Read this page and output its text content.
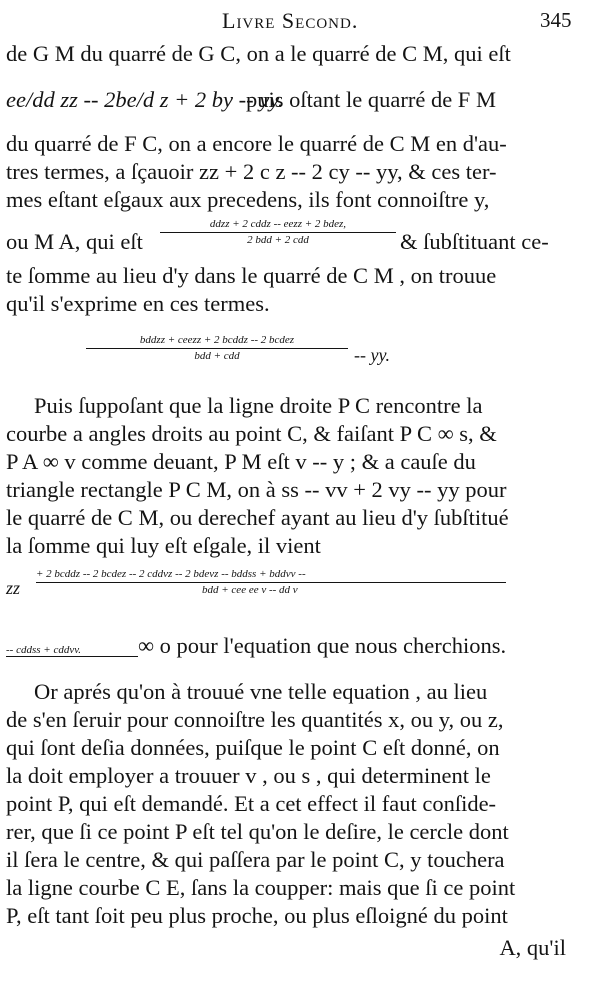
Livre Second.	345
de G M du quarré de G C, on a le quarré de C M, qui eſt
ee/dd zz -- 2be/d z + 2 by -- yy.puis oſtant le quarré de F M
du quarré de F C, on a encore le quarré de C M en d'au-
tres termes, a ſçauoir zz + 2 c z -- 2 cy -- yy, & ces ter-
mes eſtant eſgaux aux precedens, ils font connoiſtre y,
ou M A, qui eſt
ddzz + 2 cddz -- eezz + 2 bdez,
2 bdd + 2 cdd	& ſubſtituant ce-
te ſomme au lieu d'y dans le quarré de C M , on trouue
qu'il s'exprime en ces termes.
bddzz + ceezz + 2 bcddz -- 2 bcdez
bdd + cdd	-- yy.
Puis ſuppoſant que la ligne droite P C rencontre la
courbe a angles droits au point C, & faiſant P C ∞ s, &
P A ∞ v comme deuant, P M eſt v -- y ; & a cauſe du
triangle rectangle P C M, on à ss -- vv + 2 vy -- yy pour
le quarré de C M, ou derechef ayant au lieu d'y ſubſtitué
la ſomme qui luy eſt eſgale, il vient
zz
+ 2 bcddz -- 2 bcdez -- 2 cddvz -- 2 bdevz -- bddss + bddvv --
bdd + cee ee v -- dd v
-- cddss + cddvv.	∞ o pour l'equation que nous cherchions.
Or aprés qu'on à trouué vne telle equation , au lieu
de s'en ſeruir pour connoiſtre les quantités x, ou y, ou z,
qui ſont deſia données, puiſque le point C eſt donné, on
la doit employer a trouuer v , ou s , qui determinent le
point P, qui eſt demandé. Et a cet effect il faut conſide-
rer, que ſi ce point P eſt tel qu'on le deſire, le cercle dont
il ſera le centre, & qui paſſera par le point C, y touchera
la ligne courbe C E, ſans la coupper: mais que ſi ce point
P, eſt tant ſoit peu plus proche, ou plus eſloigné du point
A, qu'il
